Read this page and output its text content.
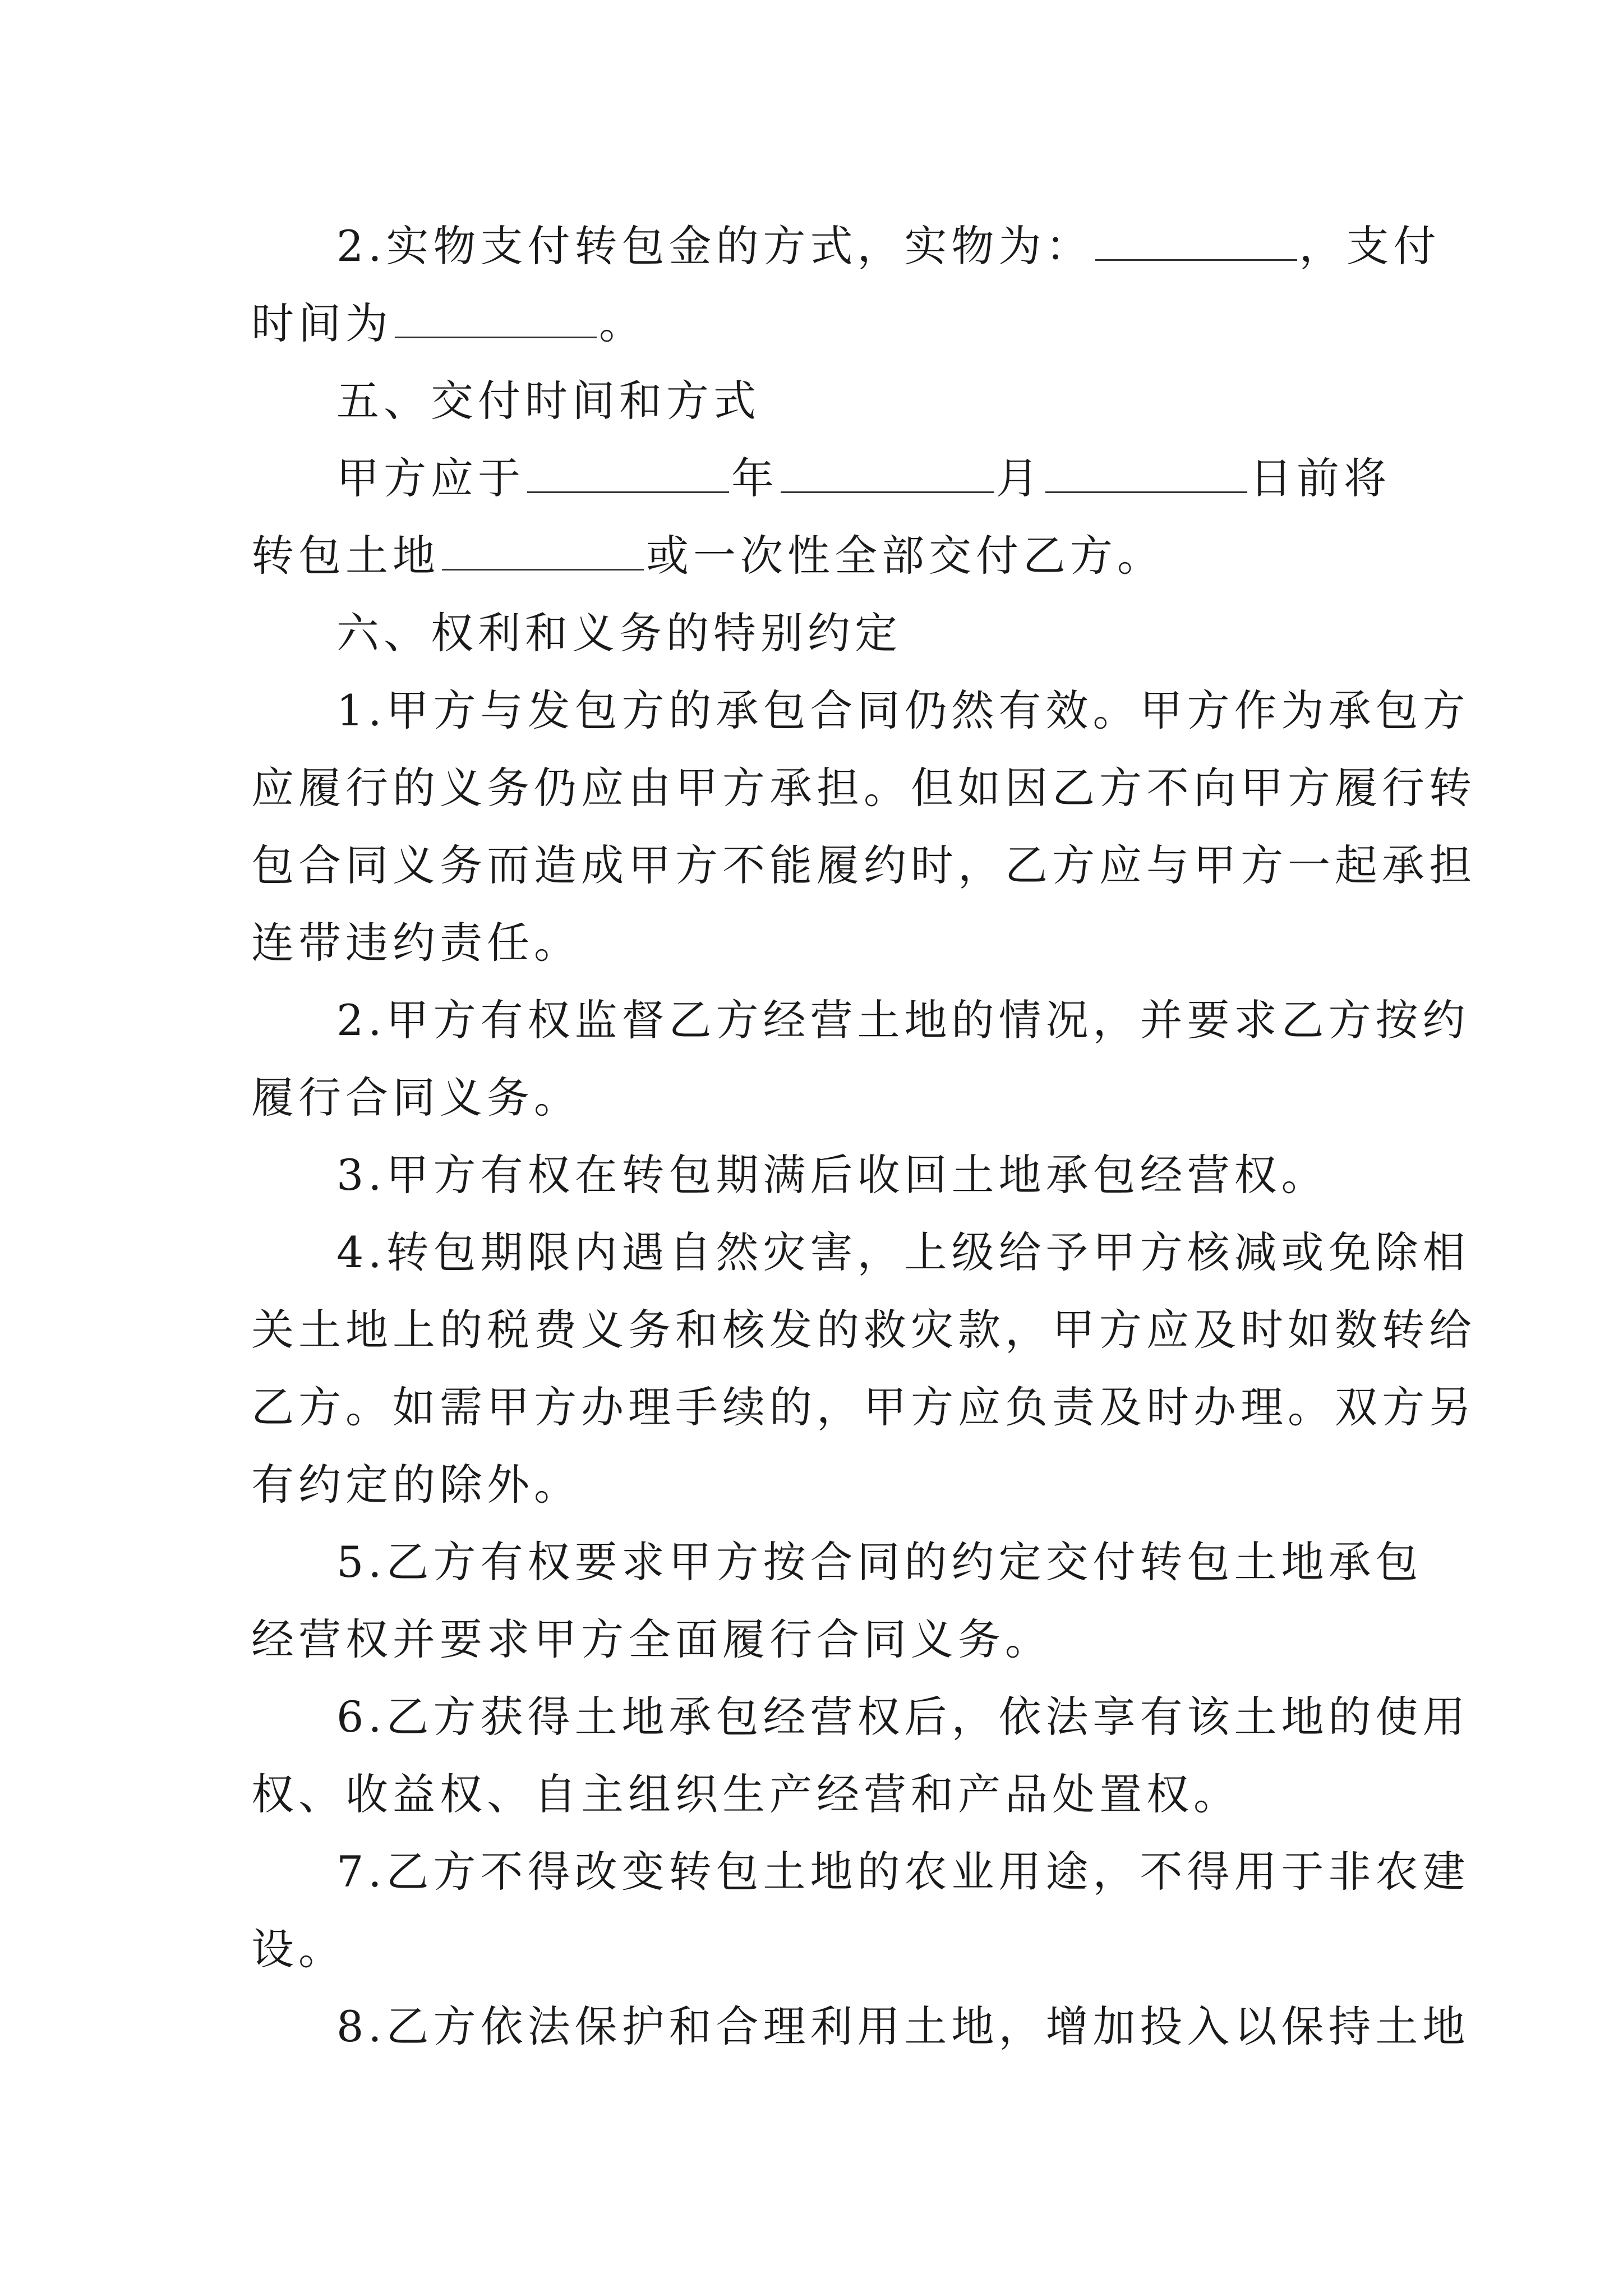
2.实物支付转包金的方式，实物为：	，支付
时间为	。
五、交付时间和方式
甲方应于	年	月	日前将
转包土地	或一次性全部交付乙方。
六、权利和义务的特别约定
1.甲方与发包方的承包合同仍然有效。甲方作为承包方
应履行的义务仍应由甲方承担。但如因乙方不向甲方履行转
包合同义务而造成甲方不能履约时，乙方应与甲方一起承担
连带违约责任。
2.甲方有权监督乙方经营土地的情况，并要求乙方按约
履行合同义务。
3.甲方有权在转包期满后收回土地承包经营权。
4.转包期限内遇自然灾害，上级给予甲方核减或免除相
关土地上的税费义务和核发的救灾款，甲方应及时如数转给
乙方。如需甲方办理手续的，甲方应负责及时办理。双方另
有约定的除外。
5.乙方有权要求甲方按合同的约定交付转包土地承包
经营权并要求甲方全面履行合同义务。
6.乙方获得土地承包经营权后，依法享有该土地的使用
权、收益权、自主组织生产经营和产品处置权。
7.乙方不得改变转包土地的农业用途，不得用于非农建
设。
8.乙方依法保护和合理利用土地，增加投入以保持土地
